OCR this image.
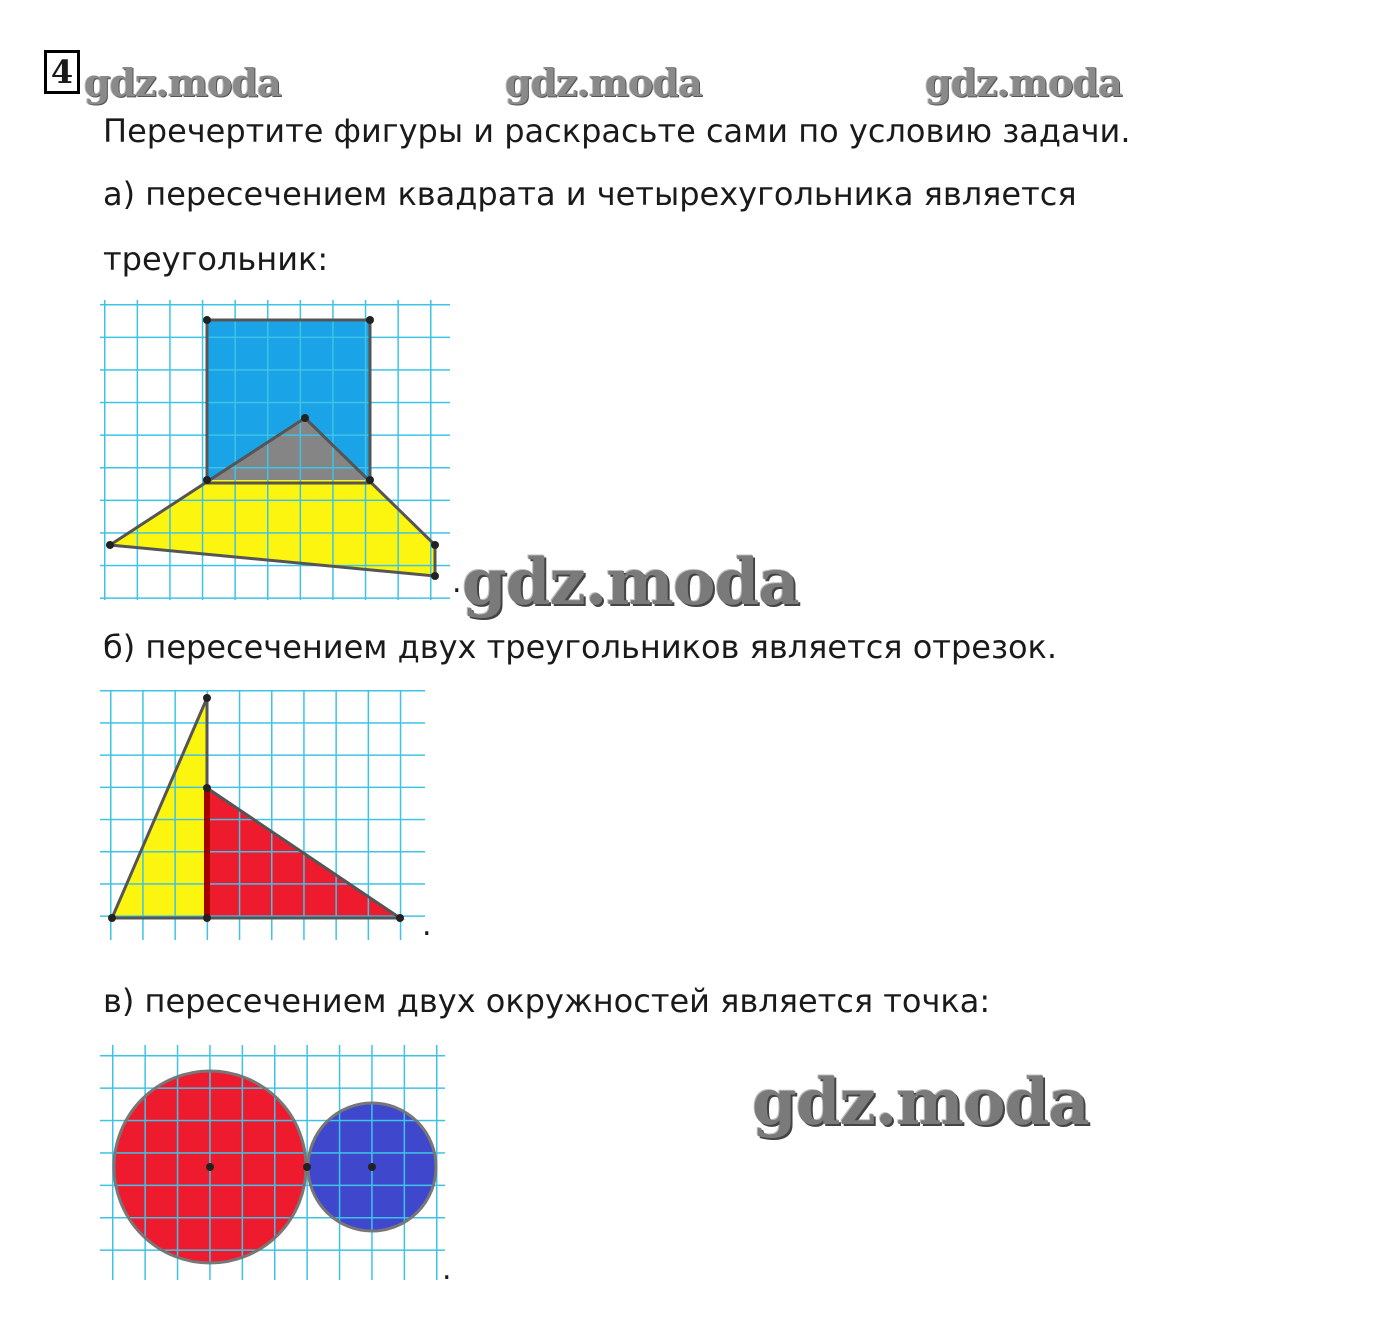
4 gdz.moda	gdz.moda	gdz.moda
Перечертите фигуры и раскрасьте сами по условию задачи.
а) пересечением квадрата и четырехугольника является
треугольник:
. gdz.moda
б) пересечением двух треугольников является отрезок.
.
в) пересечением двух окружностей является точка:
.
gdz.moda
